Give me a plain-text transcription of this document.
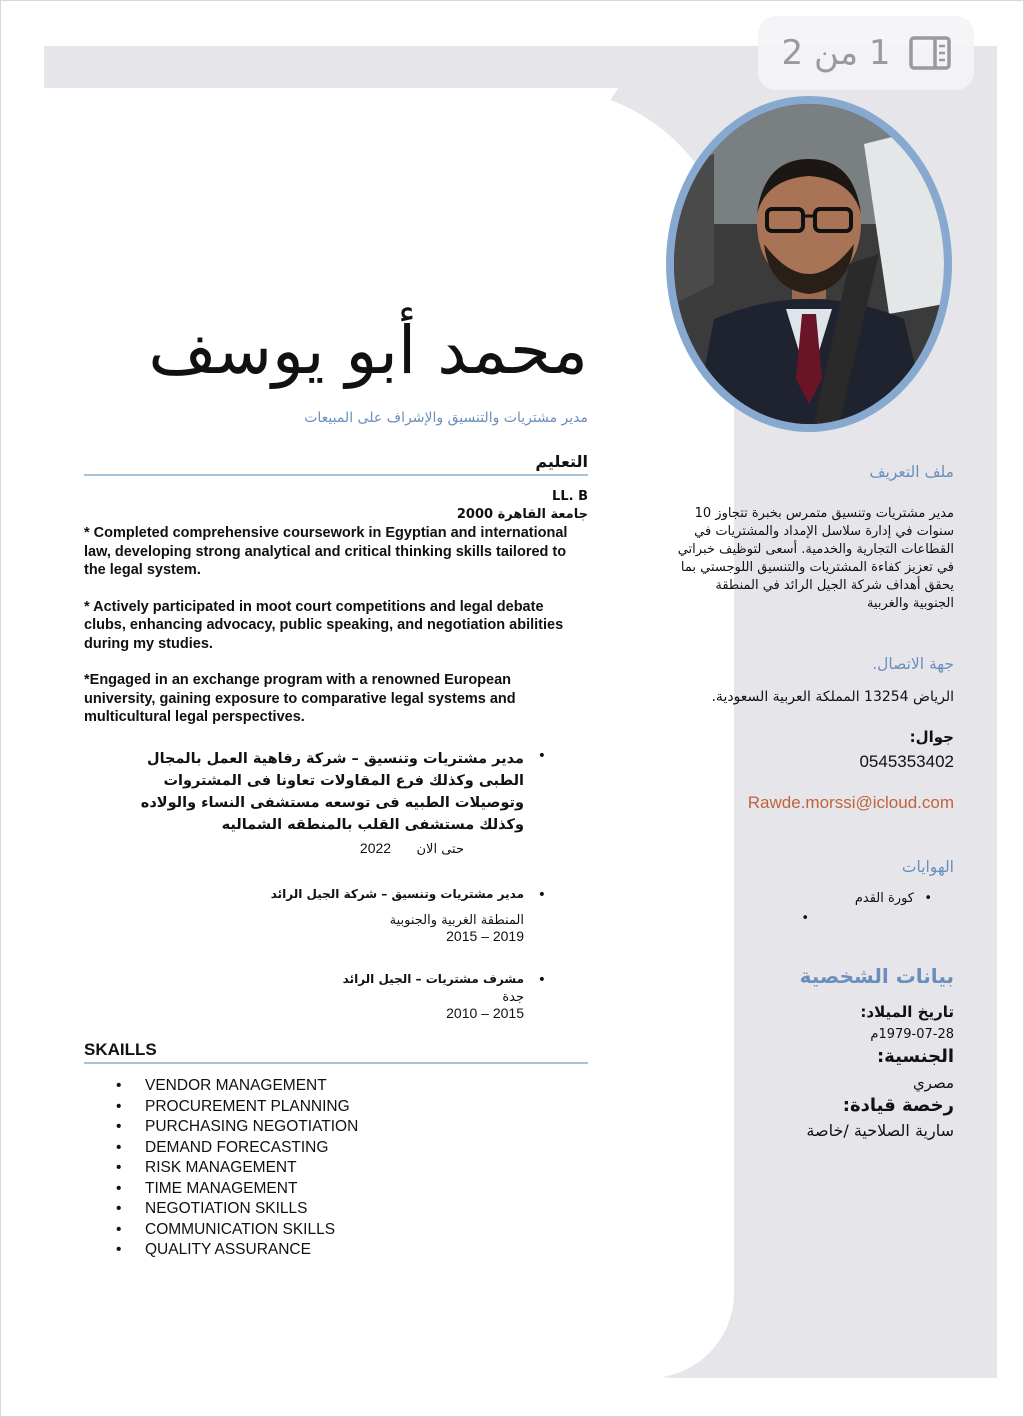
1 من 2
محمد أبو يوسف
مدير مشتريات والتنسيق والإشراف على المبيعات
التعليم
LL. B
جامعة القاهرة 2000

* Completed comprehensive coursework in Egyptian and international law, developing strong analytical and critical thinking skills tailored to the legal system.

* Actively participated in moot court competitions and legal debate clubs, enhancing advocacy, public speaking, and negotiation abilities during my studies.

*Engaged in an exchange program with a renowned European university, gaining exposure to comparative legal systems and multicultural legal perspectives.

•
مدير مشتريات وتنسيق – شركة رفاهية العمل بالمجال الطبى وكذلك فرع المقاولات تعاونا فى المشتروات وتوصيلات الطبيه فى توسعه مستشفى النساء والولاده وكذلك مستشفى القلب بالمنطقه الشماليه
حتى الان     2022
•
مدير مشتريات وتنسيق – شركة الجيل الرائد
المنطقة الغربية والجنوبية
2015 – 2019
•
مشرف مشتريات – الجيل الرائد
جدة
2010 – 2015
SKAILLS
• VENDOR MANAGEMENT
• PROCUREMENT PLANNING
• PURCHASING NEGOTIATION
• DEMAND FORECASTING
• RISK MANAGEMENT
• TIME MANAGEMENT
• NEGOTIATION SKILLS
• COMMUNICATION SKILLS
• QUALITY ASSURANCE
ملف التعريف
مدير مشتريات وتنسيق متمرس بخبرة تتجاوز 10 سنوات في إدارة سلاسل الإمداد والمشتريات في القطاعات التجارية والخدمية. أسعى لتوظيف خبراتي في تعزيز كفاءة المشتريات والتنسيق اللوجستي بما يحقق أهداف شركة الجيل الرائد في المنطقة الجنوبية والغربية
جهة الاتصال.
الرياض 13254 المملكة العربية السعودية.
جوال:
0545353402
Rawde.morssi@icloud.com
الهوايات
•
كورة القدم
•
بيانات الشخصية
تاريخ الميلاد:
1979-07-28م
الجنسية:
مصري
رخصة قيادة:
سارية الصلاحية /خاصة
